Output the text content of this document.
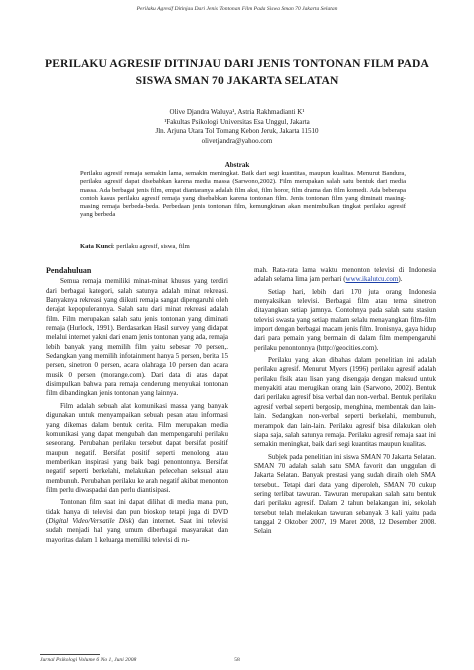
Perilaku Agresif Ditinjau Dari Jenis Tontonan Film Pada Siswa Sman 70 Jakarta Selatan
PERILAKU AGRESIF DITINJAU DARI JENIS TONTONAN FILM PADA
SISWA SMAN 70 JAKARTA SELATAN
Olive Djandra Waluya¹, Astria Rakhmadianti K¹
¹Fakultas Psikologi Universitas Esa Unggul, Jakarta
Jln. Arjuna Utara Tol Tomang Kebon Jeruk, Jakarta 11510
olivetjandra@yahoo.com
Abstrak
Perilaku agresif remaja semakin lama, semakin meningkat. Baik dari segi kuantitas, maupun kualitas. Menurut Bandura, perilaku agresif dapat disebabkan karena media massa (Sarwono,2002). Film merupakan salah satu bentuk dari media massa. Ada berbagai jenis film, empat diantaranya adalah film aksi, film horor, film drama dan film komedi. Ada beberapa contoh kasus perilaku agresif remaja yang disebabkan karena tontonan film. Jenis tontonan film yang diminati masing-masing remaja berbeda-beda. Perbedaan jenis tontonan film, kemungkinan akan menimbulkan tingkat perilaku agresif yang berbeda
Kata Kunci: perilaku agresif, siswa, film
Pendahuluan

Semua remaja memiliki minat-minat khusus yang terdiri dari berbagai kategori, salah satunya adalah minat rekreasi. Banyaknya rekreasi yang diikuti remaja sangat dipengaruhi oleh derajat kepopulerannya. Salah satu dari minat rekreasi adalah film. Film merupakan salah satu jenis tontonan yang diminati remaja (Hurlock, 1991). Berdasarkan Hasil survey yang didapat melalui internet yakni dari enam jenis tontonan yang ada, remaja lebih banyak yang memilih film yaitu sebesar 70 persen,. Sedangkan yang memilih infotainment hanya 5 persen, berita 15 persen, sinetron 0 persen, acara olahraga 10 persen dan acara musik 0 persen (morange.com). Dari data di atas dapat disimpulkan bahwa para remaja cenderung menyukai tontonan film dibandingkan jenis tontonan yang lainnya.

Film adalah sebuah alat komunikasi massa yang banyak digunakan untuk menyampaikan sebuah pesan atau informasi yang dikemas dalam bentuk cerita. Film merupakan media komunikasi yang dapat mengubah dan mempengaruhi perilaku seseorang. Perubahan perilaku tersebut dapat bersifat positif maupun negatif. Bersifat positif seperti menolong atau memberikan inspirasi yang baik bagi penontonnya. Bersifat negatif seperti berkelahi, melakukan pelecehan seksual atau membunuh. Perubahan perilaku ke arah negatif akibat menonton film perlu diwaspadai dan perlu diantisipasi.

Tontonan film saat ini dapat dilihat di media mana pun, tidak hanya di televisi dan pun bioskop tetapi juga di DVD (Digital Video/Versatile Disk) dan internet. Saat ini televisi sudah menjadi hal yang umum diberbagai masyarakat dan mayoritas dalam 1 keluarga memiliki televisi di ru-

mah. Rata-rata lama waktu menonton televisi di Indonesia adalah selama lima jam perhari (www.ikalutcu.com).

Setiap hari, lebih dari 170 juta orang Indonesia menyaksikan televisi. Berbagai film atau tema sinetron ditayangkan setiap jamnya. Contohnya pada salah satu stasiun televisi swasta yang setiap malam selalu menayangkan film-film import dengan berbagai macam jenis film. Ironisnya, gaya hidup dari para pemain yang bermain di dalam film mempengaruhi perilaku penontonnya (http://geocities.com).

Perilaku yang akan dibahas dalam penelitian ini adalah perilaku agresif. Menurut Myers (1996) perilaku agresif adalah perilaku fisik atau lisan yang disengaja dengan maksud untuk menyakiti atau merugikan orang lain (Sarwono, 2002). Bentuk dari perilaku agresif bisa verbal dan non-verbal. Bentuk perilaku agresif verbal seperti bergosip, menghina, membentak dan lain-lain. Sedangkan non-verbal seperti berkelahi, membunuh, merampok dan lain-lain. Perilaku agresif bisa dilakukan oleh siapa saja, salah satunya remaja. Perilaku agresif remaja saat ini semakin meningkat, baik dari segi kuantitas maupun kualitas.

Subjek pada penelitian ini siswa SMAN 70 Jakarta Selatan. SMAN 70 adalah salah satu SMA favorit dan unggulan di Jakarta Selatan. Banyak prestasi yang sudah diraih oleh SMA tersebut.. Tetapi dari data yang diperoleh, SMAN 70 cukup sering terlibat tawuran. Tawuran merupakan salah satu bentuk dari perilaku agresif. Dalam 2 tahun belakangan ini, sekolah tersebut telah melakukan tawuran sebanyak 3 kali yaitu pada tanggal 2 Oktober 2007, 19 Maret 2008, 12 Desember 2008. Selain

Jurnal Psikologi Volume 6 No 1, Juni 2008	58
